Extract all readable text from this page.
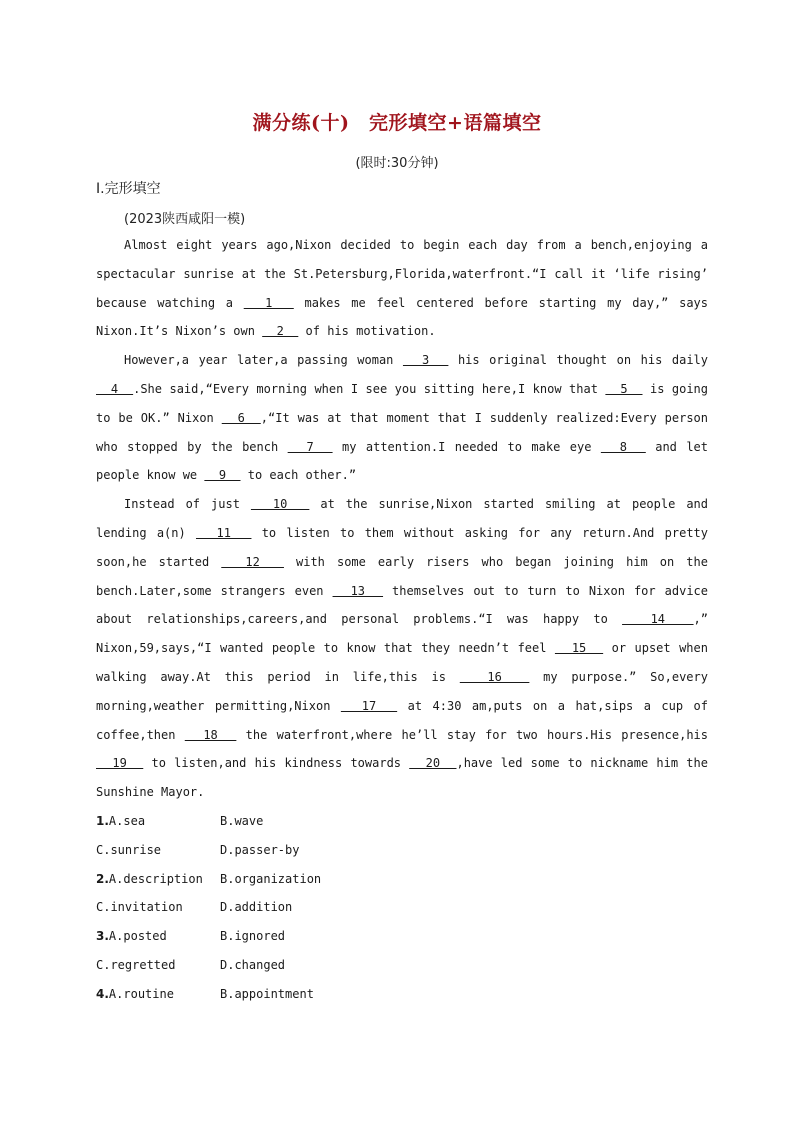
满分练(十)　完形填空+语篇填空
(限时:30分钟)
Ⅰ.完形填空
(2023陕西咸阳一模)

Almost eight years ago,Nixon decided to begin each day from a bench,enjoying a spectacular sunrise at the St.Petersburg,Florida,waterfront.“I call it ‘life rising’ because watching a   1   makes me feel centered before starting my day,” says Nixon.It’s Nixon’s own   2   of his motivation.

However,a year later,a passing woman   3   his original thought on his daily   4  .She said,“Every morning when I see you sitting here,I know that   5   is going to be OK.” Nixon   6  ,“It was at that moment that I suddenly realized:Every person who stopped by the bench   7   my attention.I needed to make eye   8   and let people know we   9   to each other.”

Instead of just   10   at the sunrise,Nixon started smiling at people and lending a(n)   11   to listen to them without asking for any return.And pretty soon,he started   12   with some early risers who began joining him on the bench.Later,some strangers even   13   themselves out to turn to Nixon for advice about relationships,careers,and personal problems.“I was happy to   14  ,” Nixon,59,says,“I wanted people to know that they needn’t feel   15   or upset when walking away.At this period in life,this is   16   my purpose.” So,every morning,weather permitting,Nixon   17   at 4:30 am,puts on a hat,sips a cup of coffee,then   18   the waterfront,where he’ll stay for two hours.His presence,his   19   to listen,and his kindness towards   20  ,have led some to nickname him the Sunshine Mayor.

1.A.sea	B.wave
C.sunrise	D.passer-by
2.A.description	B.organization
C.invitation	D.addition
3.A.posted	B.ignored
C.regretted	D.changed
4.A.routine	B.appointment
